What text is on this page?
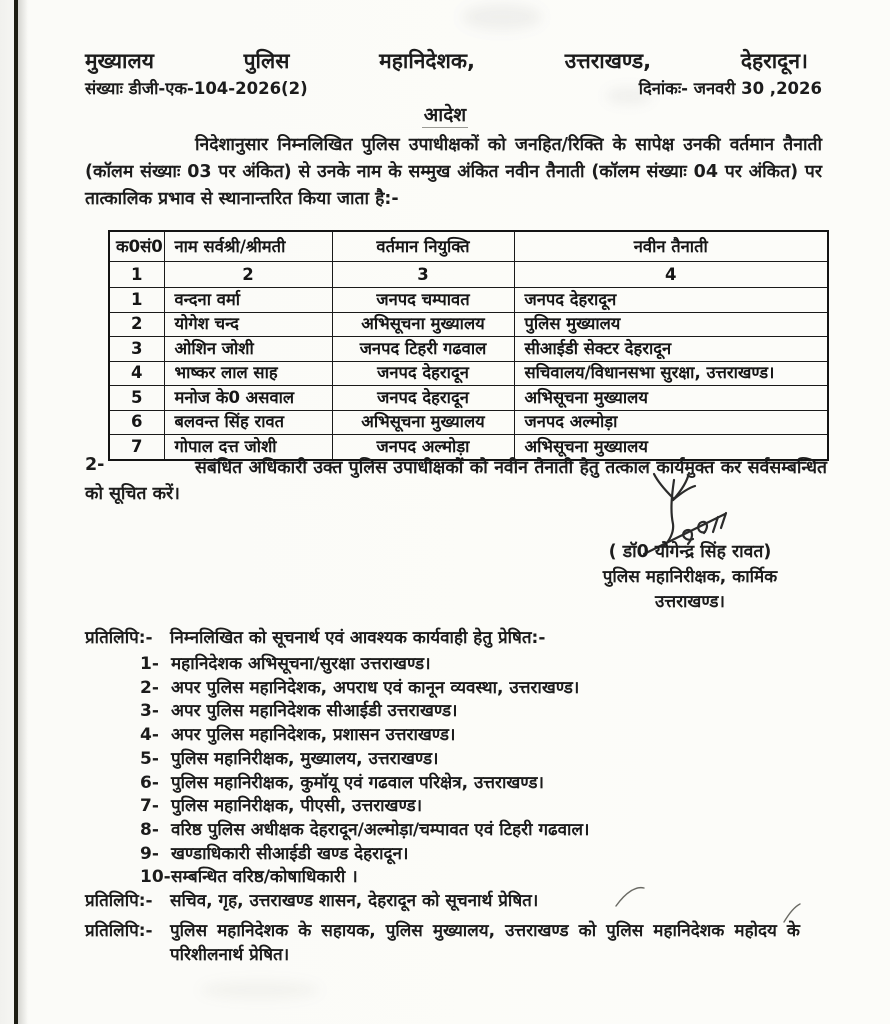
मुख्यालय	पुलिस	महानिदेशक,	उत्तराखण्ड,	देहरादून।
संख्याः डीजी-एक-104-2026(2)	दिनांकः- जनवरी 30 ,2026
आदेश
निदेशानुसार निम्नलिखित पुलिस उपाधीक्षकों को जनहित/रिक्ति के सापेक्ष उनकी वर्तमान तैनाती (कॉलम संख्याः 03 पर अंकित) से उनके नाम के सम्मुख अंकित नवीन तैनाती (कॉलम संख्याः 04 पर अंकित) पर तात्कालिक प्रभाव से स्थानान्तरित किया जाता है:-
क0सं0	नाम सर्वश्री/श्रीमती	वर्तमान नियुक्ति	नवीन तैनाती
1	2	3	4
1	वन्दना वर्मा	जनपद चम्पावत	जनपद देहरादून
2	योगेश चन्द	अभिसूचना मुख्यालय	पुलिस मुख्यालय
3	ओशिन जोशी	जनपद टिहरी गढवाल	सीआईडी सेक्टर देहरादून
4	भाष्कर लाल साह	जनपद देहरादून	सचिवालय/विधानसभा सुरक्षा, उत्तराखण्ड।
5	मनोज के0 असवाल	जनपद देहरादून	अभिसूचना मुख्यालय
6	बलवन्त सिंह रावत	अभिसूचना मुख्यालय	जनपद अल्मोड़ा
7	गोपाल दत्त जोशी	जनपद अल्मोड़ा	अभिसूचना मुख्यालय
2-	संबंधित अधिकारी उक्त पुलिस उपाधीक्षकों को नवीन तैनाती हेतु तत्काल कार्यमुक्त कर सर्वसम्बन्धित को सूचित करें।
( डॉ0 योगेन्द्र सिंह रावत)
पुलिस महानिरीक्षक, कार्मिक
उत्तराखण्ड।
प्रतिलिपि:-	निम्नलिखित को सूचनार्थ एवं आवश्यक कार्यवाही हेतु प्रेषित:-
1- महानिदेशक अभिसूचना/सुरक्षा उत्तराखण्ड।
2- अपर पुलिस महानिदेशक, अपराध एवं कानून व्यवस्था, उत्तराखण्ड।
3- अपर पुलिस महानिदेशक सीआईडी उत्तराखण्ड।
4- अपर पुलिस महानिदेशक, प्रशासन उत्तराखण्ड।
5- पुलिस महानिरीक्षक, मुख्यालय, उत्तराखण्ड।
6- पुलिस महानिरीक्षक, कुमॉयू एवं गढवाल परिक्षेत्र, उत्तराखण्ड।
7- पुलिस महानिरीक्षक, पीएसी, उत्तराखण्ड।
8- वरिष्ठ पुलिस अधीक्षक देहरादून/अल्मोड़ा/चम्पावत एवं टिहरी गढवाल।
9- खण्डाधिकारी सीआईडी खण्ड देहरादून।
10- सम्बन्धित वरिष्ठ/कोषाधिकारी ।
प्रतिलिपि:-	सचिव, गृह, उत्तराखण्ड शासन, देहरादून को सूचनार्थ प्रेषित।
प्रतिलिपि:-	पुलिस महानिदेशक के सहायक, पुलिस मुख्यालय, उत्तराखण्ड को पुलिस महानिदेशक महोदय के परिशीलनार्थ प्रेषित।
